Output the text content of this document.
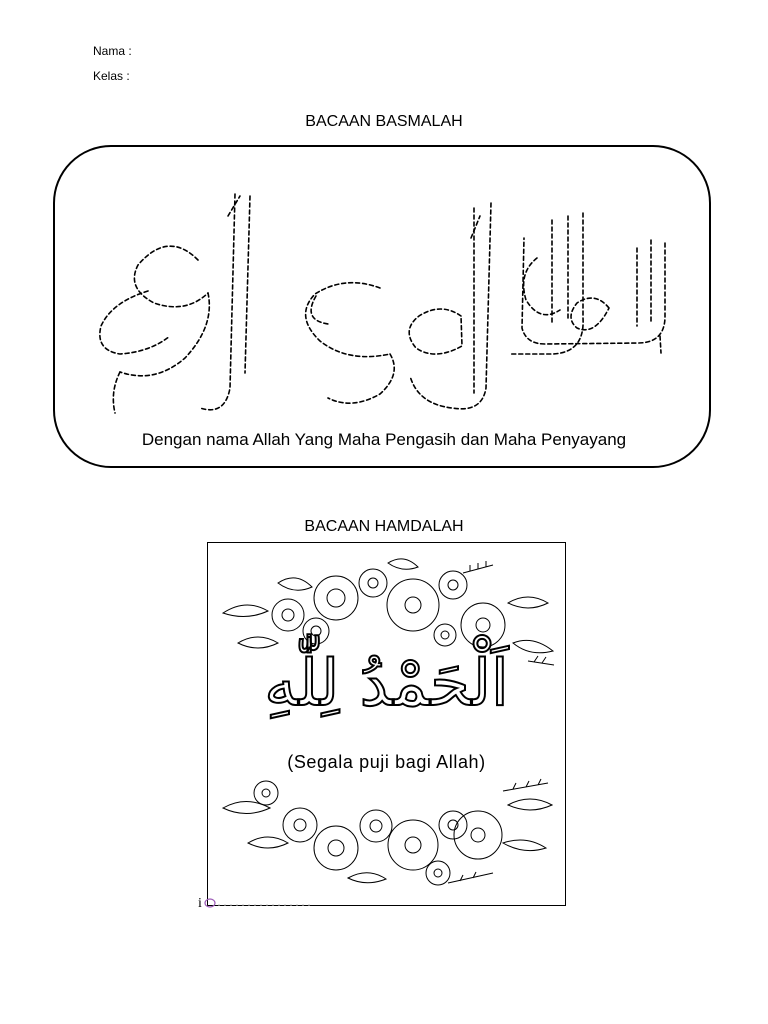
Nama :
Kelas :
BACAAN BASMALAH
Dengan nama Allah Yang Maha Pengasih dan Maha Penyayang
BACAAN HAMDALAH
اَلْحَمْدُ لِلّٰهِ
(Segala puji bagi Allah)
i
